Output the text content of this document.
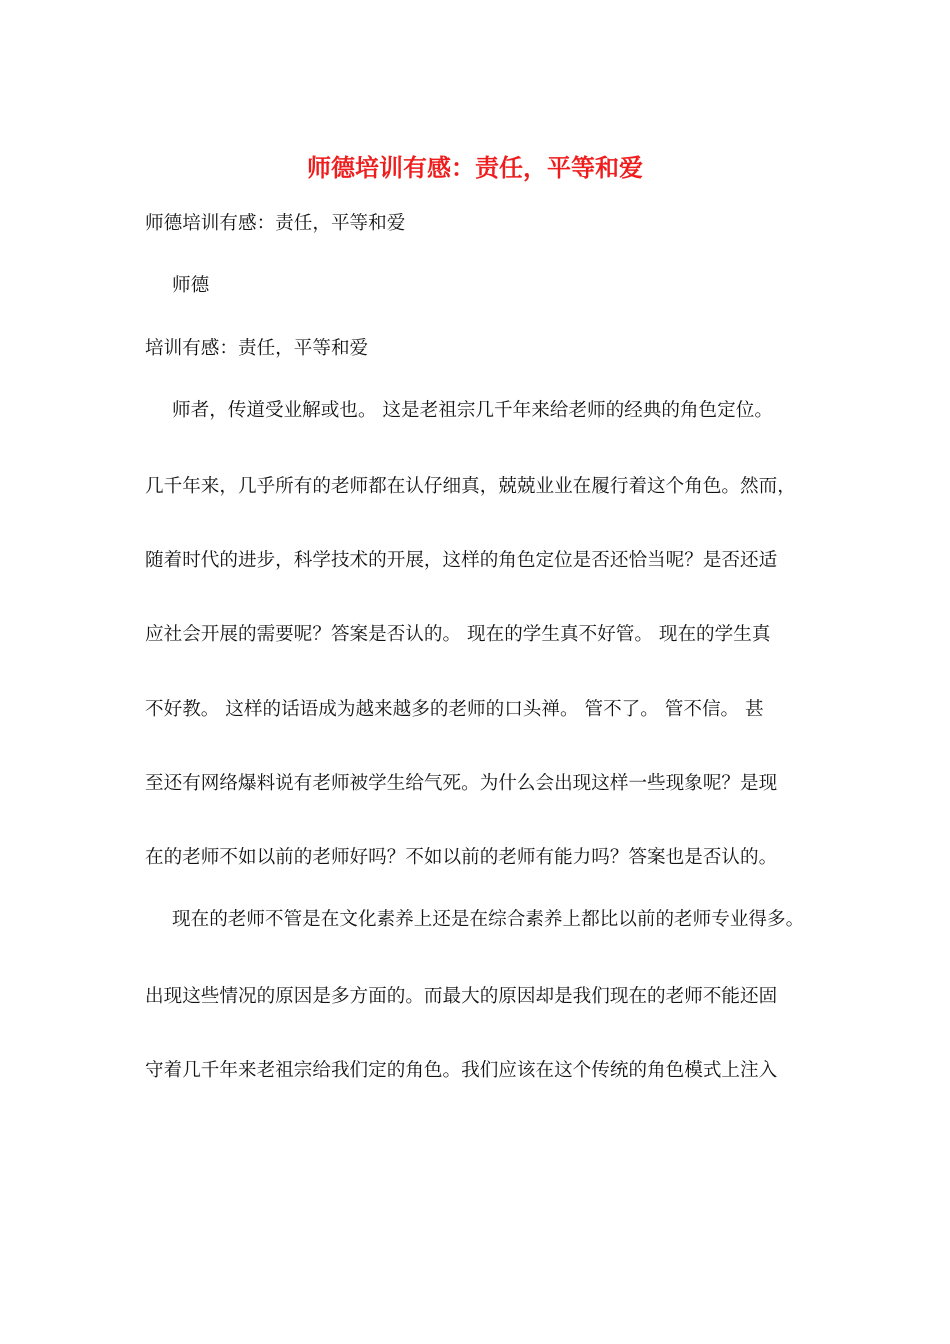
师德培训有感：责任，平等和爱
师德培训有感：责任，平等和爱
师德
培训有感：责任，平等和爱
师者，传道受业解或也。 这是老祖宗几千年来给老师的经典的角色定位。
几千年来，几乎所有的老师都在认仔细真，兢兢业业在履行着这个角色。然而，
随着时代的进步，科学技术的开展，这样的角色定位是否还恰当呢？是否还适
应社会开展的需要呢？答案是否认的。 现在的学生真不好管。 现在的学生真
不好教。 这样的话语成为越来越多的老师的口头禅。 管不了。 管不信。 甚
至还有网络爆料说有老师被学生给气死。为什么会出现这样一些现象呢？是现
在的老师不如以前的老师好吗？不如以前的老师有能力吗？答案也是否认的。
现在的老师不管是在文化素养上还是在综合素养上都比以前的老师专业得多。
出现这些情况的原因是多方面的。而最大的原因却是我们现在的老师不能还固
守着几千年来老祖宗给我们定的角色。我们应该在这个传统的角色模式上注入
